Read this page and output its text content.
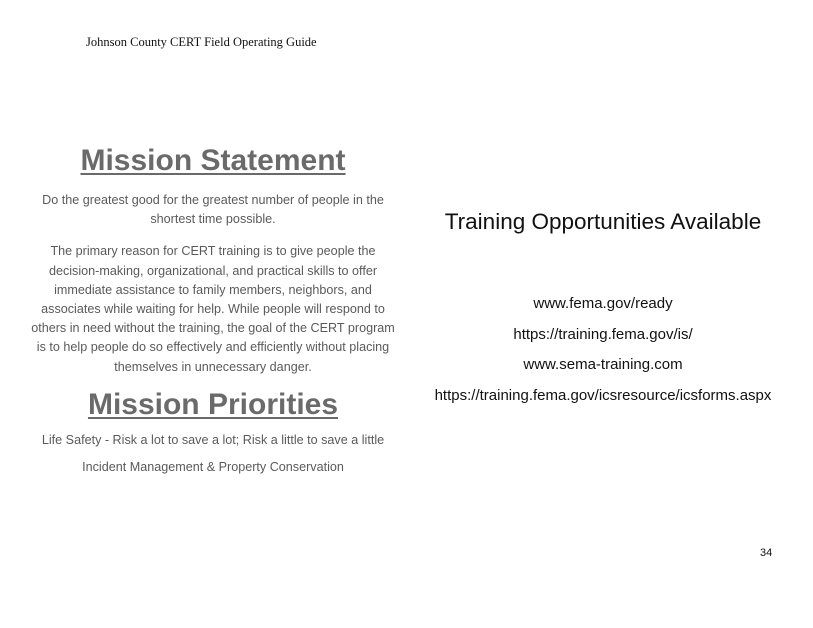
Johnson County CERT Field Operating Guide
Mission Statement

Do the greatest good for the greatest number of people in the shortest time possible.

The primary reason for CERT training is to give people the decision-making, organizational, and practical skills to offer immediate assistance to family members, neighbors, and associates while waiting for help. While people will respond to others in need without the training, the goal of the CERT program is to help people do so effectively and efficiently without placing themselves in unnecessary danger.

Mission Priorities

Life Safety - Risk a lot to save a lot; Risk a little to save a little

Incident Management & Property Conservation

Training Opportunities Available
www.fema.gov/ready
https://training.fema.gov/is/
www.sema-training.com
https://training.fema.gov/icsresource/icsforms.aspx
34
